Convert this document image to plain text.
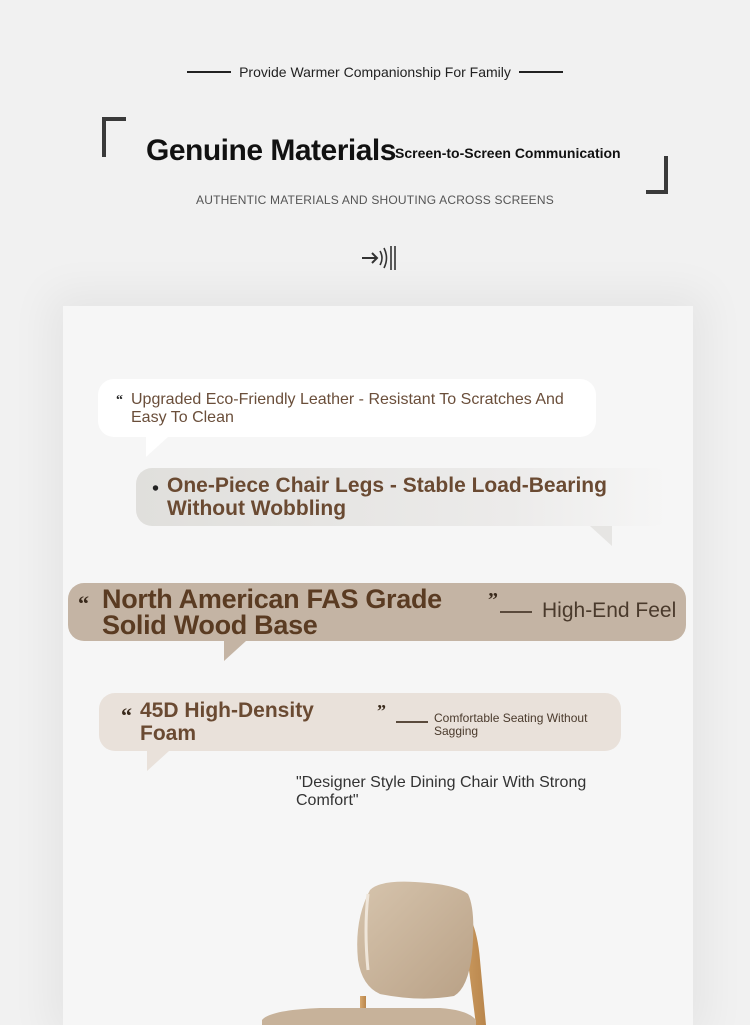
Provide Warmer Companionship For Family
Genuine Materials Screen-to-Screen Communication
AUTHENTIC MATERIALS AND SHOUTING ACROSS SCREENS
“ Upgraded Eco-Friendly Leather - Resistant To Scratches And Easy To Clean
• One-Piece Chair Legs - Stable Load-Bearing Without Wobbling
“ North American FAS Grade Solid Wood Base
” High-End Feel
“ 45D High-Density Foam
”	Comfortable Seating Without Sagging
"Designer Style Dining Chair With Strong Comfort"
